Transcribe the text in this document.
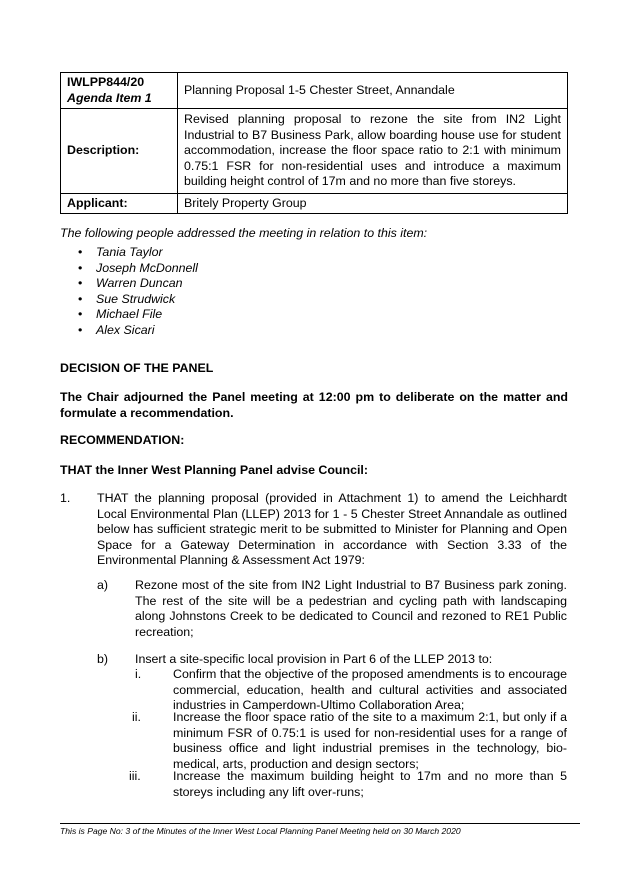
IWLPP844/20
Agenda Item 1	Planning Proposal 1-5 Chester Street, Annandale
Description:	Revised planning proposal to rezone the site from IN2 Light Industrial to B7 Business Park, allow boarding house use for student accommodation, increase the floor space ratio to 2:1 with minimum 0.75:1 FSR for non-residential uses and introduce a maximum building height control of 17m and no more than five storeys.
Applicant:	Britely Property Group
The following people addressed the meeting in relation to this item:
• Tania Taylor
• Joseph McDonnell
• Warren Duncan
• Sue Strudwick
• Michael File
• Alex Sicari
DECISION OF THE PANEL
The Chair adjourned the Panel meeting at 12:00 pm to deliberate on the matter and formulate a recommendation.
RECOMMENDATION:
THAT the Inner West Planning Panel advise Council:
1. THAT the planning proposal (provided in Attachment 1) to amend the Leichhardt Local Environmental Plan (LLEP) 2013 for 1 - 5 Chester Street Annandale as outlined below has sufficient strategic merit to be submitted to Minister for Planning and Open Space for a Gateway Determination in accordance with Section 3.33 of the Environmental Planning & Assessment Act 1979:
a) Rezone most of the site from IN2 Light Industrial to B7 Business park zoning. The rest of the site will be a pedestrian and cycling path with landscaping along Johnstons Creek to be dedicated to Council and rezoned to RE1 Public recreation;
b) Insert a site-specific local provision in Part 6 of the LLEP 2013 to:
i.	Confirm that the objective of the proposed amendments is to encourage commercial, education, health and cultural activities and associated industries in Camperdown-Ultimo Collaboration Area;
ii.	Increase the floor space ratio of the site to a maximum 2:1, but only if a minimum FSR of 0.75:1 is used for non-residential uses for a range of business office and light industrial premises in the technology, bio-medical, arts, production and design sectors;
iii.	Increase the maximum building height to 17m and no more than 5 storeys including any lift over-runs;
This is Page No: 3 of the Minutes of the Inner West Local Planning Panel Meeting held on 30 March 2020
